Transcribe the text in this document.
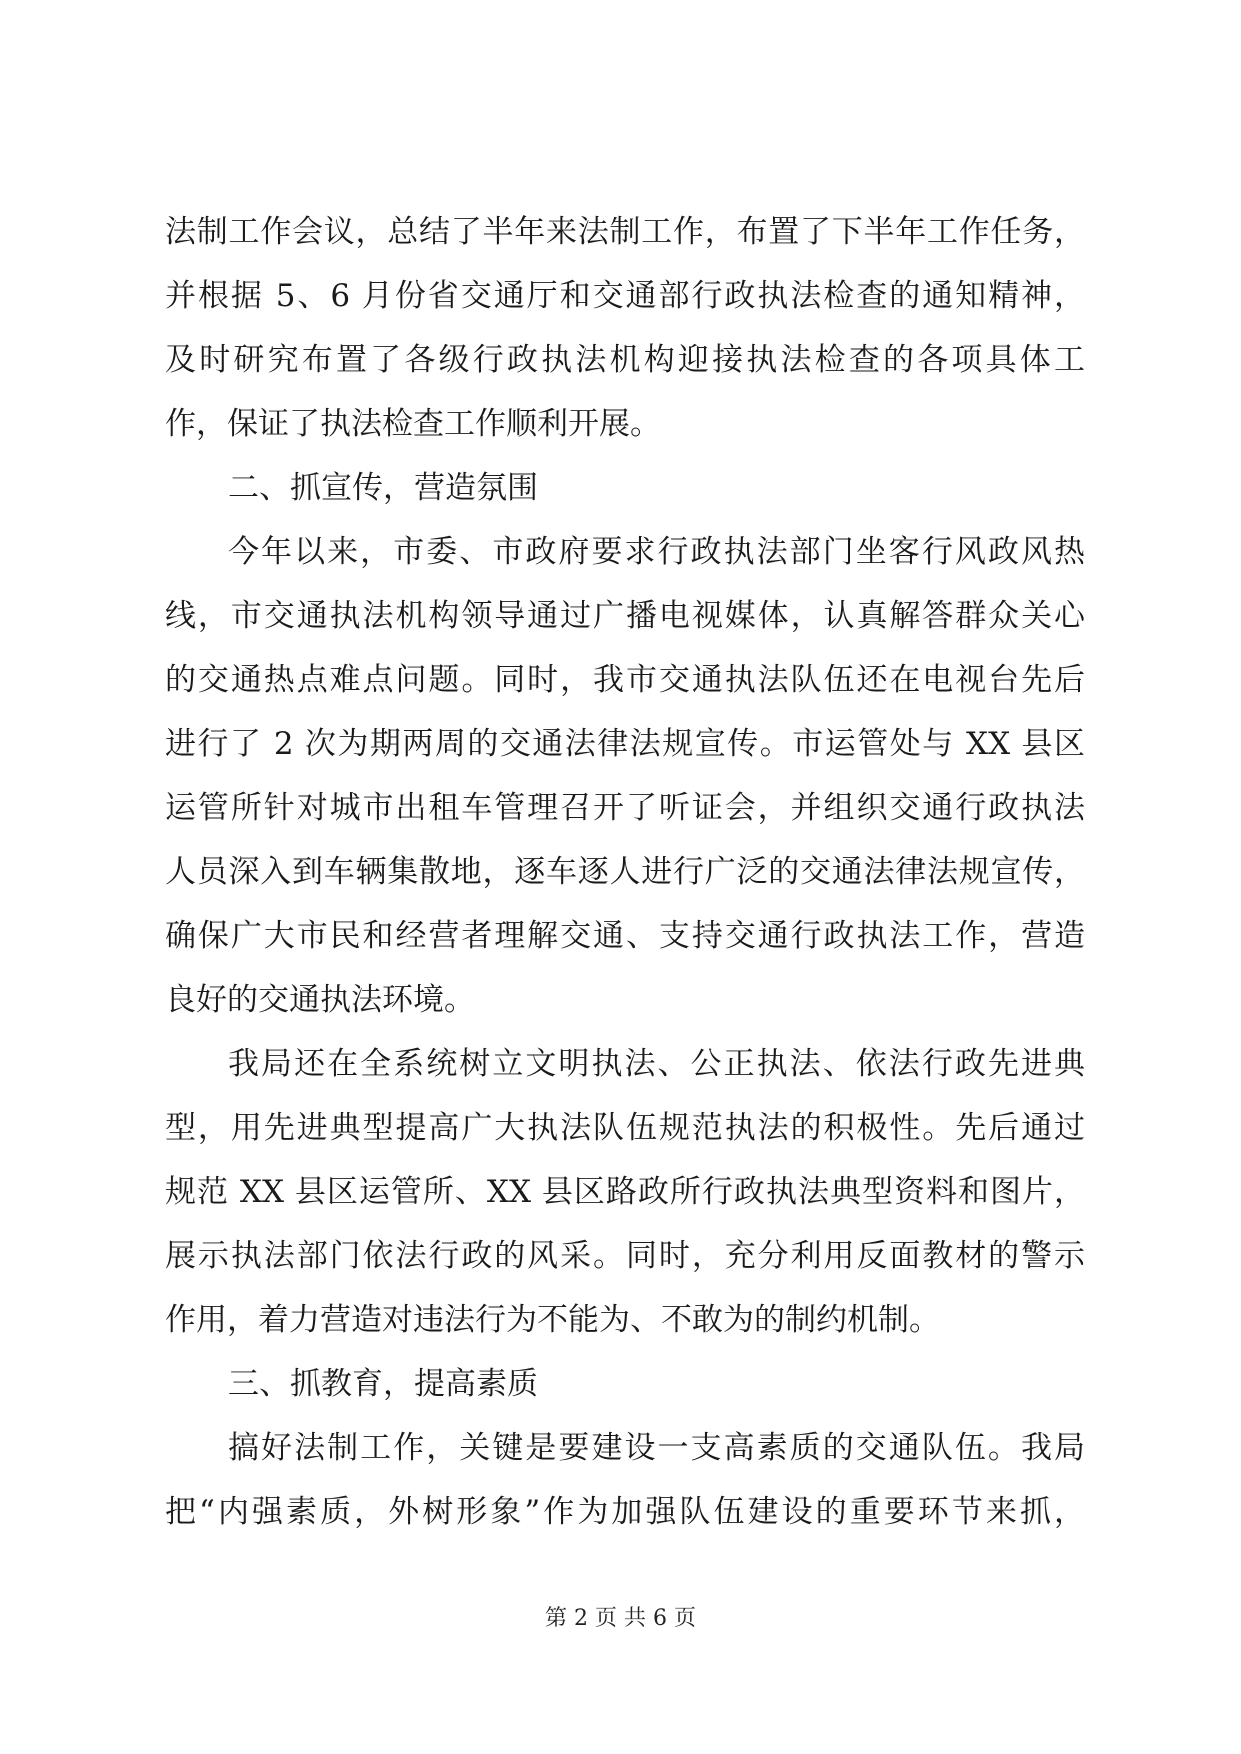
法制工作会议，总结了半年来法制工作，布置了下半年工作任务，
并根据 5、6 月份省交通厅和交通部行政执法检查的通知精神，
及时研究布置了各级行政执法机构迎接执法检查的各项具体工
作，保证了执法检查工作顺利开展。
二、抓宣传，营造氛围
今年以来，市委、市政府要求行政执法部门坐客行风政风热
线，市交通执法机构领导通过广播电视媒体，认真解答群众关心
的交通热点难点问题。同时，我市交通执法队伍还在电视台先后
进行了 2 次为期两周的交通法律法规宣传。市运管处与 XX 县区
运管所针对城市出租车管理召开了听证会，并组织交通行政执法
人员深入到车辆集散地，逐车逐人进行广泛的交通法律法规宣传，
确保广大市民和经营者理解交通、支持交通行政执法工作，营造
良好的交通执法环境。
我局还在全系统树立文明执法、公正执法、依法行政先进典
型，用先进典型提高广大执法队伍规范执法的积极性。先后通过
规范 XX 县区运管所、XX 县区路政所行政执法典型资料和图片，
展示执法部门依法行政的风采。同时，充分利用反面教材的警示
作用，着力营造对违法行为不能为、不敢为的制约机制。
三、抓教育，提高素质
搞好法制工作，关键是要建设一支高素质的交通队伍。我局
把“内强素质，外树形象”作为加强队伍建设的重要环节来抓，
第 2 页 共 6 页
